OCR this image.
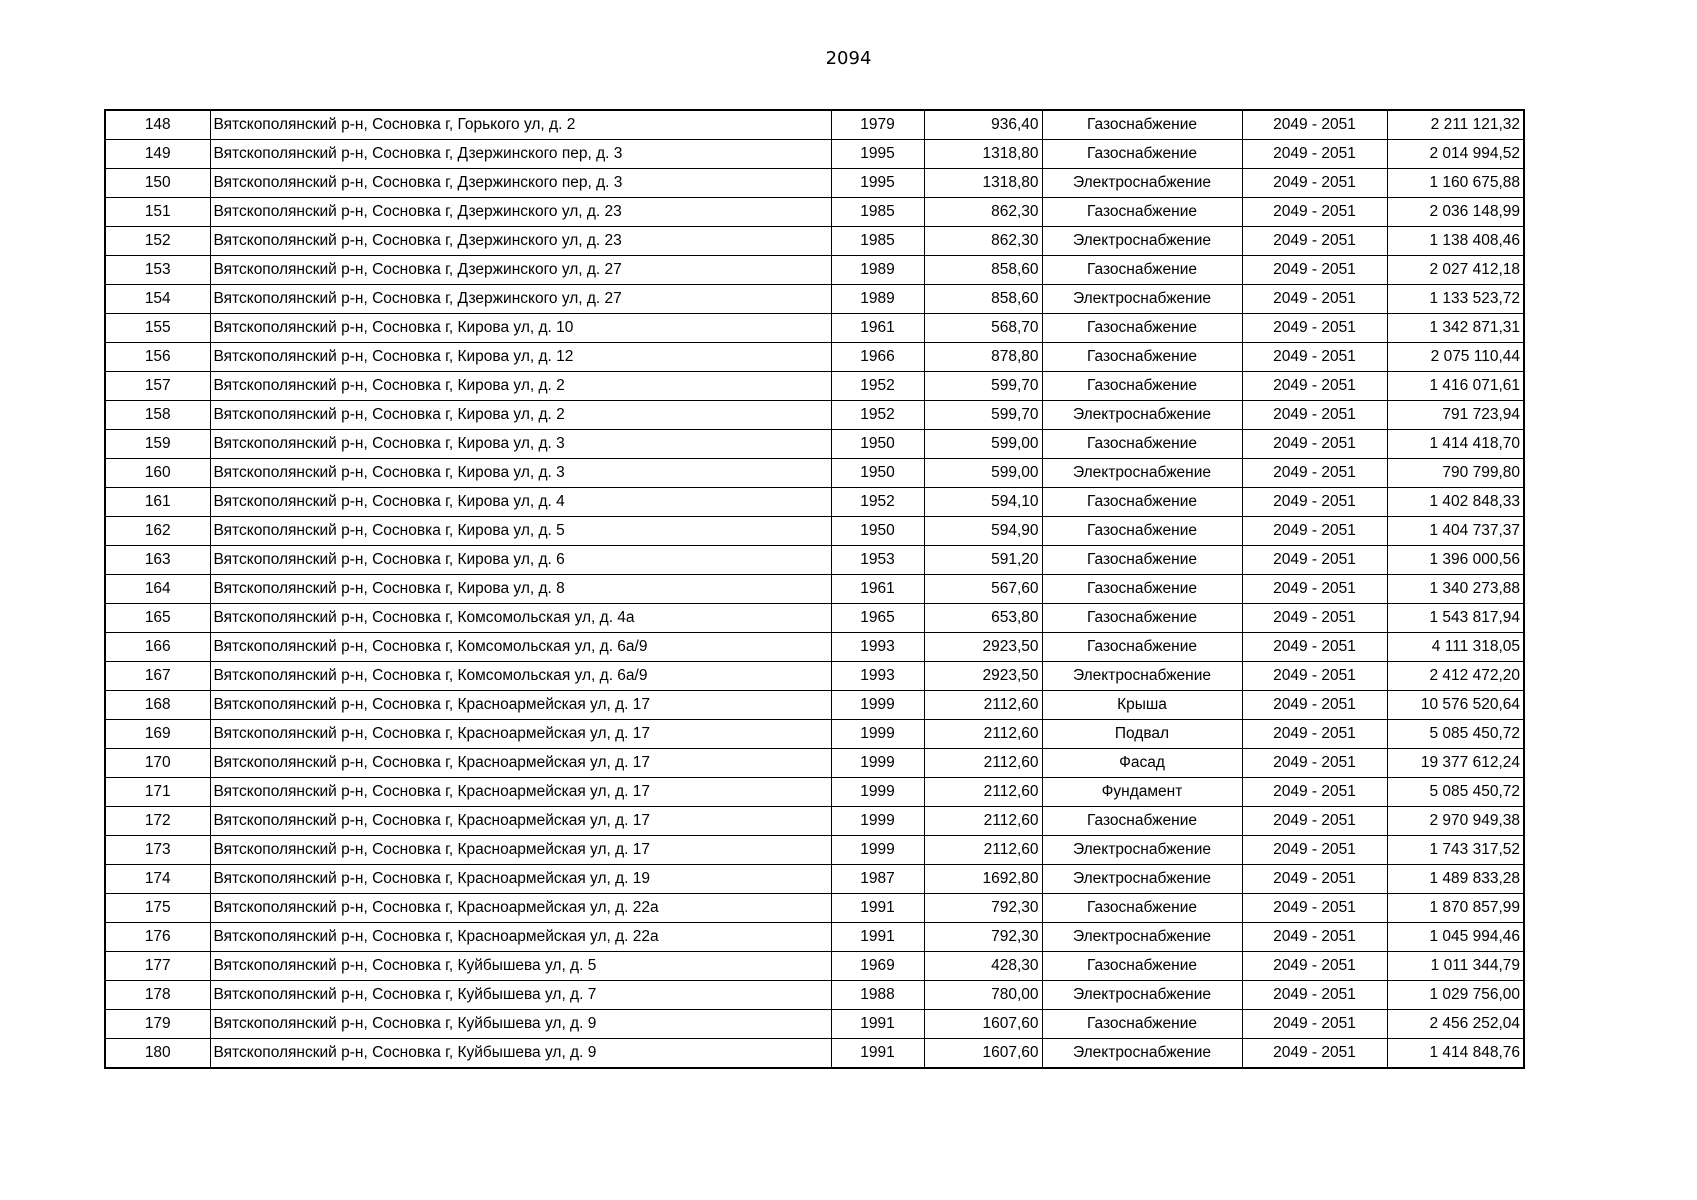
2094
148	Вятскополянский р-н, Сосновка г, Горького ул, д. 2	1979	936,40	Газоснабжение	2049 - 2051	2 211 121,32
149	Вятскополянский р-н, Сосновка г, Дзержинского пер, д. 3	1995	1318,80	Газоснабжение	2049 - 2051	2 014 994,52
150	Вятскополянский р-н, Сосновка г, Дзержинского пер, д. 3	1995	1318,80	Электроснабжение	2049 - 2051	1 160 675,88
151	Вятскополянский р-н, Сосновка г, Дзержинского ул, д. 23	1985	862,30	Газоснабжение	2049 - 2051	2 036 148,99
152	Вятскополянский р-н, Сосновка г, Дзержинского ул, д. 23	1985	862,30	Электроснабжение	2049 - 2051	1 138 408,46
153	Вятскополянский р-н, Сосновка г, Дзержинского ул, д. 27	1989	858,60	Газоснабжение	2049 - 2051	2 027 412,18
154	Вятскополянский р-н, Сосновка г, Дзержинского ул, д. 27	1989	858,60	Электроснабжение	2049 - 2051	1 133 523,72
155	Вятскополянский р-н, Сосновка г, Кирова ул, д. 10	1961	568,70	Газоснабжение	2049 - 2051	1 342 871,31
156	Вятскополянский р-н, Сосновка г, Кирова ул, д. 12	1966	878,80	Газоснабжение	2049 - 2051	2 075 110,44
157	Вятскополянский р-н, Сосновка г, Кирова ул, д. 2	1952	599,70	Газоснабжение	2049 - 2051	1 416 071,61
158	Вятскополянский р-н, Сосновка г, Кирова ул, д. 2	1952	599,70	Электроснабжение	2049 - 2051	791 723,94
159	Вятскополянский р-н, Сосновка г, Кирова ул, д. 3	1950	599,00	Газоснабжение	2049 - 2051	1 414 418,70
160	Вятскополянский р-н, Сосновка г, Кирова ул, д. 3	1950	599,00	Электроснабжение	2049 - 2051	790 799,80
161	Вятскополянский р-н, Сосновка г, Кирова ул, д. 4	1952	594,10	Газоснабжение	2049 - 2051	1 402 848,33
162	Вятскополянский р-н, Сосновка г, Кирова ул, д. 5	1950	594,90	Газоснабжение	2049 - 2051	1 404 737,37
163	Вятскополянский р-н, Сосновка г, Кирова ул, д. 6	1953	591,20	Газоснабжение	2049 - 2051	1 396 000,56
164	Вятскополянский р-н, Сосновка г, Кирова ул, д. 8	1961	567,60	Газоснабжение	2049 - 2051	1 340 273,88
165	Вятскополянский р-н, Сосновка г, Комсомольская ул, д. 4а	1965	653,80	Газоснабжение	2049 - 2051	1 543 817,94
166	Вятскополянский р-н, Сосновка г, Комсомольская ул, д. 6а/9	1993	2923,50	Газоснабжение	2049 - 2051	4 111 318,05
167	Вятскополянский р-н, Сосновка г, Комсомольская ул, д. 6а/9	1993	2923,50	Электроснабжение	2049 - 2051	2 412 472,20
168	Вятскополянский р-н, Сосновка г, Красноармейская ул, д. 17	1999	2112,60	Крыша	2049 - 2051	10 576 520,64
169	Вятскополянский р-н, Сосновка г, Красноармейская ул, д. 17	1999	2112,60	Подвал	2049 - 2051	5 085 450,72
170	Вятскополянский р-н, Сосновка г, Красноармейская ул, д. 17	1999	2112,60	Фасад	2049 - 2051	19 377 612,24
171	Вятскополянский р-н, Сосновка г, Красноармейская ул, д. 17	1999	2112,60	Фундамент	2049 - 2051	5 085 450,72
172	Вятскополянский р-н, Сосновка г, Красноармейская ул, д. 17	1999	2112,60	Газоснабжение	2049 - 2051	2 970 949,38
173	Вятскополянский р-н, Сосновка г, Красноармейская ул, д. 17	1999	2112,60	Электроснабжение	2049 - 2051	1 743 317,52
174	Вятскополянский р-н, Сосновка г, Красноармейская ул, д. 19	1987	1692,80	Электроснабжение	2049 - 2051	1 489 833,28
175	Вятскополянский р-н, Сосновка г, Красноармейская ул, д. 22а	1991	792,30	Газоснабжение	2049 - 2051	1 870 857,99
176	Вятскополянский р-н, Сосновка г, Красноармейская ул, д. 22а	1991	792,30	Электроснабжение	2049 - 2051	1 045 994,46
177	Вятскополянский р-н, Сосновка г, Куйбышева ул, д. 5	1969	428,30	Газоснабжение	2049 - 2051	1 011 344,79
178	Вятскополянский р-н, Сосновка г, Куйбышева ул, д. 7	1988	780,00	Электроснабжение	2049 - 2051	1 029 756,00
179	Вятскополянский р-н, Сосновка г, Куйбышева ул, д. 9	1991	1607,60	Газоснабжение	2049 - 2051	2 456 252,04
180	Вятскополянский р-н, Сосновка г, Куйбышева ул, д. 9	1991	1607,60	Электроснабжение	2049 - 2051	1 414 848,76
